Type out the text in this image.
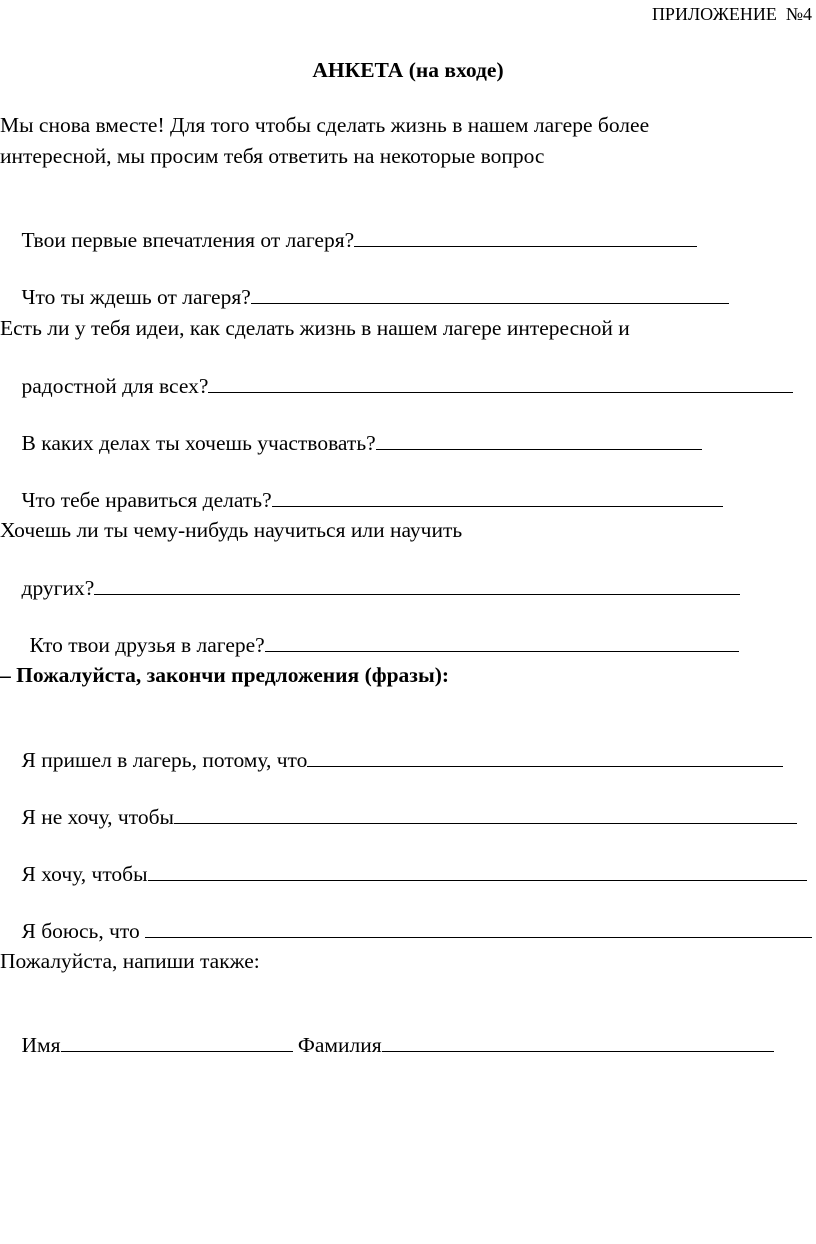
ПРИЛОЖЕНИЕ  №4
АНКЕТА (на входе)
Мы снова вместе! Для того чтобы сделать жизнь в нашем лагере более
интересной, мы просим тебя ответить на некоторые вопрос

Твои первые впечатления от лагеря?

Что ты ждешь от лагеря?

Есть ли у тебя идеи, как сделать жизнь в нашем лагере интересной и

радостной для всех?

В каких делах ты хочешь участвовать?

Что тебе нравиться делать?

Хочешь ли ты чему-нибудь научиться или научить

других?

Кто твои друзья в лагере?

– Пожалуйста, закончи предложения (фразы):

Я пришел в лагерь, потому, что

Я не хочу, чтобы

Я хочу, чтобы

Я боюсь, что

Пожалуйста, напиши также:

Имя	Фамилия
